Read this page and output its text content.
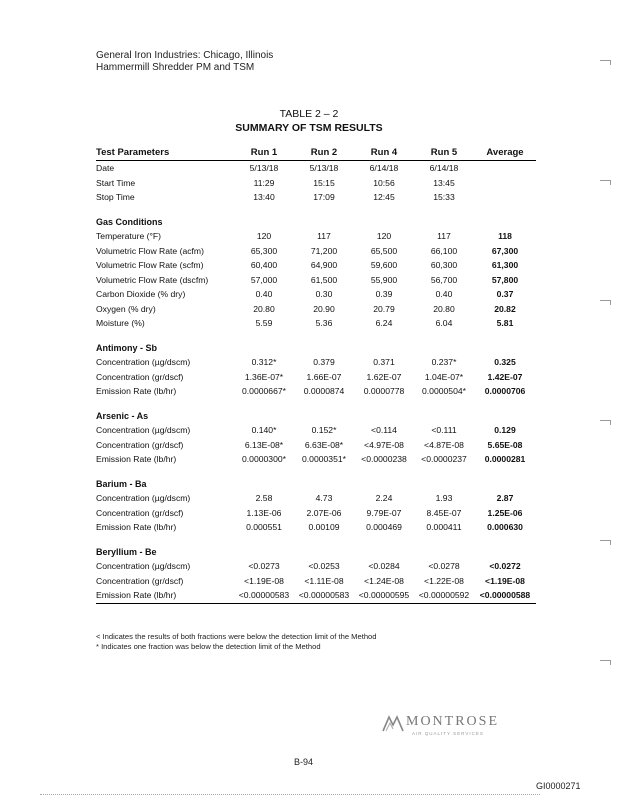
General Iron Industries: Chicago, Illinois
Hammermill Shredder PM and TSM
TABLE 2 – 2
SUMMARY OF TSM RESULTS
Test Parameters	Run 1	Run 2	Run 4	Run 5	Average
Date	5/13/18	5/13/18	6/14/18	6/14/18	
Start Time	11:29	15:15	10:56	13:45	
Stop Time	13:40	17:09	12:45	15:33	
Gas Conditions					
Temperature (°F)	120	117	120	117	118
Volumetric Flow Rate (acfm)	65,300	71,200	65,500	66,100	67,300
Volumetric Flow Rate (scfm)	60,400	64,900	59,600	60,300	61,300
Volumetric Flow Rate (dscfm)	57,000	61,500	55,900	56,700	57,800
Carbon Dioxide (% dry)	0.40	0.30	0.39	0.40	0.37
Oxygen (% dry)	20.80	20.90	20.79	20.80	20.82
Moisture (%)	5.59	5.36	6.24	6.04	5.81
Antimony - Sb					
Concentration (µg/dscm)	0.312*	0.379	0.371	0.237*	0.325
Concentration (gr/dscf)	1.36E-07*	1.66E-07	1.62E-07	1.04E-07*	1.42E-07
Emission Rate (lb/hr)	0.0000667*	0.0000874	0.0000778	0.0000504*	0.0000706
Arsenic - As					
Concentration (µg/dscm)	0.140*	0.152*	<0.114	<0.111	0.129
Concentration (gr/dscf)	6.13E-08*	6.63E-08*	<4.97E-08	<4.87E-08	5.65E-08
Emission Rate (lb/hr)	0.0000300*	0.0000351*	<0.0000238	<0.0000237	0.0000281
Barium - Ba					
Concentration (µg/dscm)	2.58	4.73	2.24	1.93	2.87
Concentration (gr/dscf)	1.13E-06	2.07E-06	9.79E-07	8.45E-07	1.25E-06
Emission Rate (lb/hr)	0.000551	0.00109	0.000469	0.000411	0.000630
Beryllium - Be					
Concentration (µg/dscm)	<0.0273	<0.0253	<0.0284	<0.0278	<0.0272
Concentration (gr/dscf)	<1.19E-08	<1.11E-08	<1.24E-08	<1.22E-08	<1.19E-08
Emission Rate (lb/hr)	<0.00000583	<0.00000583	<0.00000595	<0.00000592	<0.00000588
< Indicates the results of both fractions were below the detection limit of the Method
* Indicates one fraction was below the detection limit of the Method
MONTROSE
AIR QUALITY SERVICES
B-94
GI0000271
